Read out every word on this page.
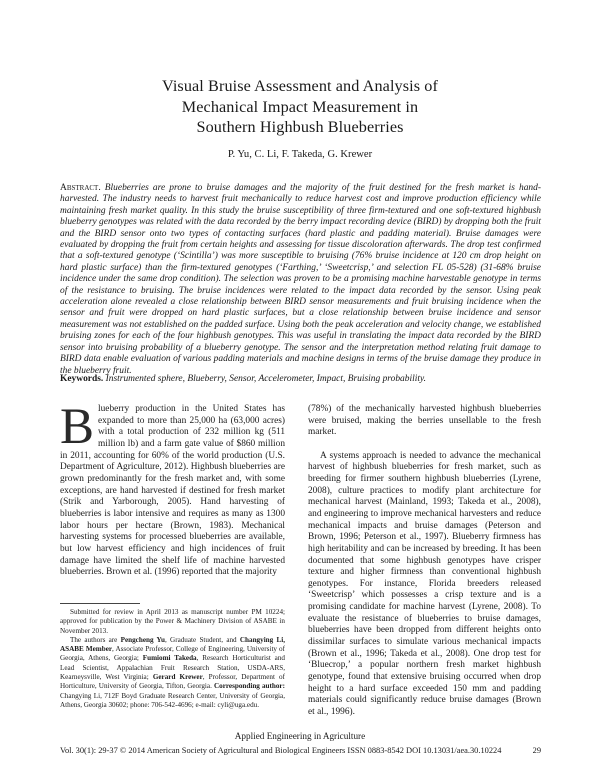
Visual Bruise Assessment and Analysis of
Mechanical Impact Measurement in
Southern Highbush Blueberries
P. Yu, C. Li, F. Takeda, G. Krewer
Abstract. Blueberries are prone to bruise damages and the majority of the fruit destined for the fresh market is hand-harvested. The industry needs to harvest fruit mechanically to reduce harvest cost and improve production efficiency while maintaining fresh market quality. In this study the bruise susceptibility of three firm-textured and one soft-textured highbush blueberry genotypes was related with the data recorded by the berry impact recording device (BIRD) by dropping both the fruit and the BIRD sensor onto two types of contacting surfaces (hard plastic and padding material). Bruise damages were evaluated by dropping the fruit from certain heights and assessing for tissue discoloration afterwards. The drop test confirmed that a soft-textured genotype (‘Scintilla’) was more susceptible to bruising (76% bruise incidence at 120 cm drop height on hard plastic surface) than the firm-textured genotypes (‘Farthing,’ ‘Sweetcrisp,’ and selection FL 05-528) (31-68% bruise incidence under the same drop condition). The selection was proven to be a promising machine harvestable genotype in terms of the resistance to bruising. The bruise incidences were related to the impact data recorded by the sensor. Using peak acceleration alone revealed a close relationship between BIRD sensor measurements and fruit bruising incidence when the sensor and fruit were dropped on hard plastic surfaces, but a close relationship between bruise incidence and sensor measurement was not established on the padded surface. Using both the peak acceleration and velocity change, we established bruising zones for each of the four highbush genotypes. This was useful in translating the impact data recorded by the BIRD sensor into bruising probability of a blueberry genotype. The sensor and the interpretation method relating fruit damage to BIRD data enable evaluation of various padding materials and machine designs in terms of the bruise damage they produce in the blueberry fruit.
Keywords. Instrumented sphere, Blueberry, Sensor, Accelerometer, Impact, Bruising probability.

Blueberry production in the United States has expanded to more than 25,000 ha (63,000 acres) with a total production of 232 million kg (511 million lb) and a farm gate value of $860 million in 2011, accounting for 60% of the world production (U.S. Department of Agriculture, 2012). Highbush blueberries are grown predominantly for the fresh market and, with some exceptions, are hand harvested if destined for fresh market (Strik and Yarborough, 2005). Hand harvesting of blueberries is labor intensive and requires as many as 1300 labor hours per hectare (Brown, 1983). Mechanical harvesting systems for processed blueberries are available, but low harvest efficiency and high incidences of fruit damage have limited the shelf life of machine harvested blueberries. Brown et al. (1996) reported that the majority

(78%) of the mechanically harvested highbush blueberries were bruised, making the berries unsellable to the fresh market.

A systems approach is needed to advance the mechanical harvest of highbush blueberries for fresh market, such as breeding for firmer southern highbush blueberries (Lyrene, 2008), culture practices to modify plant architecture for mechanical harvest (Mainland, 1993; Takeda et al., 2008), and engineering to improve mechanical harvesters and reduce mechanical impacts and bruise damages (Peterson and Brown, 1996; Peterson et al., 1997). Blueberry firmness has high heritability and can be increased by breeding. It has been documented that some highbush genotypes have crisper texture and higher firmness than conventional highbush genotypes. For instance, Florida breeders released ‘Sweetcrisp’ which possesses a crisp texture and is a promising candidate for machine harvest (Lyrene, 2008). To evaluate the resistance of blueberries to bruise damages, blueberries have been dropped from different heights onto dissimilar surfaces to simulate various mechanical impacts (Brown et al., 1996; Takeda et al., 2008). One drop test for ‘Bluecrop,’ a popular northern fresh market highbush genotype, found that extensive bruising occurred when drop height to a hard surface exceeded 150 mm and padding materials could significantly reduce bruise damages (Brown et al., 1996).

Submitted for review in April 2013 as manuscript number PM 10224; approved for publication by the Power & Machinery Division of ASABE in November 2013.

The authors are Pengcheng Yu, Graduate Student, and Changying Li, ASABE Member, Associate Professor, College of Engineering, University of Georgia, Athens, Georgia; Fumiomi Takeda, Research Horticulturist and Lead Scientist, Appalachian Fruit Research Station, USDA-ARS, Kearneysville, West Virginia; Gerard Krewer, Professor, Department of Horticulture, University of Georgia, Tifton, Georgia. Corresponding author: Changying Li, 712F Boyd Graduate Research Center, University of Georgia, Athens, Georgia 30602; phone: 706-542-4696; e-mail: cyli@uga.edu.

Applied Engineering in Agriculture
Vol. 30(1): 29-37 © 2014 American Society of Agricultural and Biological Engineers ISSN 0883-8542 DOI 10.13031/aea.30.10224	29
